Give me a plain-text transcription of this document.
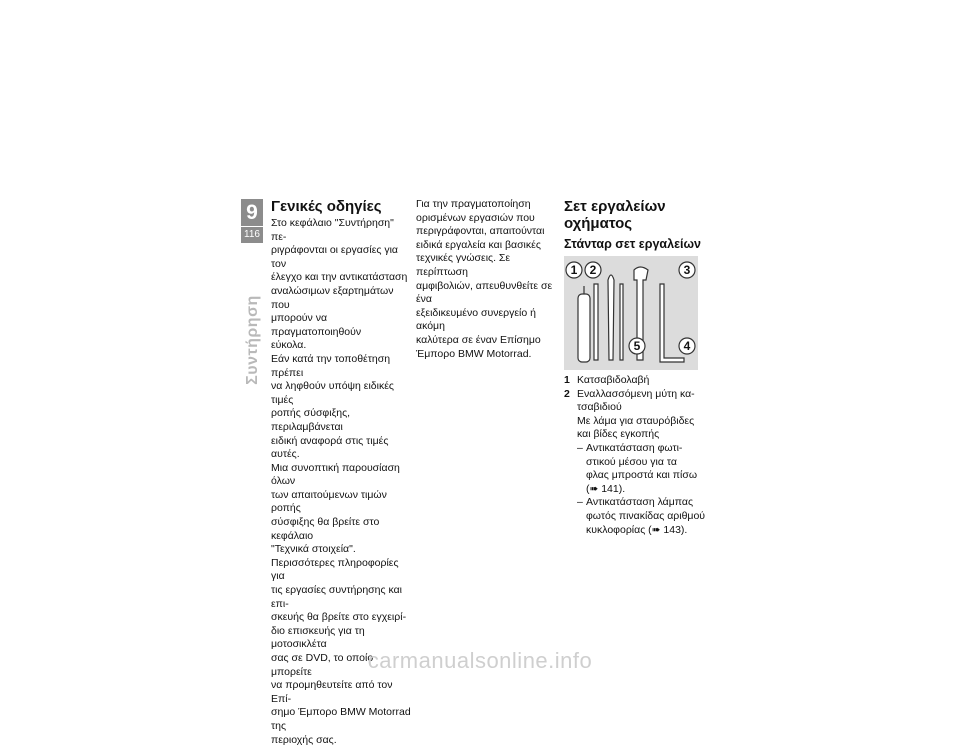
9
116
Συντήρηση
Γενικές οδηγίες

Στο κεφάλαιο "Συντήρηση" πε-
ριγράφονται οι εργασίες για τον
έλεγχο και την αντικατάσταση
αναλώσιμων εξαρτημάτων που
μπορούν να πραγματοποιηθούν
εύκολα.

Εάν κατά την τοποθέτηση πρέπει
να ληφθούν υπόψη ειδικές τιμές
ροπής σύσφιξης, περιλαμβάνεται
ειδική αναφορά στις τιμές αυτές.
Μια συνοπτική παρουσίαση όλων
των απαιτούμενων τιμών ροπής
σύσφιξης θα βρείτε στο κεφάλαιο
"Τεχνικά στοιχεία".

Περισσότερες πληροφορίες για
τις εργασίες συντήρησης και επι-
σκευής θα βρείτε στο εγχειρί-
διο επισκευής για τη μοτοσικλέτα
σας σε DVD, το οποίο μπορείτε
να προμηθευτείτε από τον Επί-
σημο Έμπορο BMW Motorrad της
περιοχής σας.

Για την πραγματοποίηση
ορισμένων εργασιών που
περιγράφονται, απαιτούνται
ειδικά εργαλεία και βασικές
τεχνικές γνώσεις. Σε περίπτωση
αμφιβολιών, απευθυνθείτε σε ένα
εξειδικευμένο συνεργείο ή ακόμη
καλύτερα σε έναν Επίσημο
Έμπορο BMW Motorrad.

Σετ εργαλείων
οχήματος
Στάνταρ σετ εργαλείων
1 2	3
4
5
1 Κατσαβιδολαβή
2 Εναλλασσόμενη μύτη κα-
τσαβιδιού
Με λάμα για σταυρόβιδες
και βίδες εγκοπής
– Αντικατάσταση φωτι-
στικού μέσου για τα
φλας μπροστά και πίσω
(➠ 141).
– Αντικατάσταση λάμπας
φωτός πινακίδας αριθμού
κυκλοφορίας (➠ 143).
carmanualsonline.info
